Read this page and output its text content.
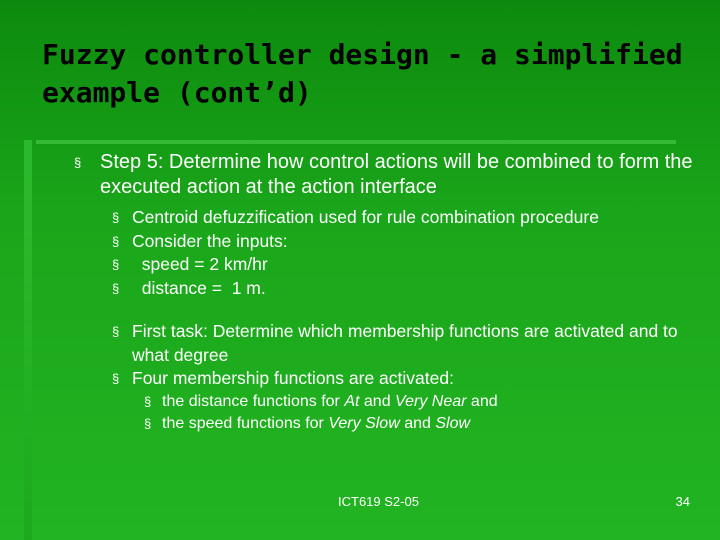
Fuzzy controller design - a simplified example (cont’d)
§ Step 5: Determine how control actions will be combined to form the executed action at the action interface
§ Centroid defuzzification used for rule combination procedure
§ Consider the inputs:
§ speed = 2 km/hr
§ distance =  1 m.
§ First task: Determine which membership functions are activated and to what degree
§ Four membership functions are activated:
§ the distance functions for At and Very Near and
§ the speed functions for Very Slow and Slow
ICT619 S2-05	34
